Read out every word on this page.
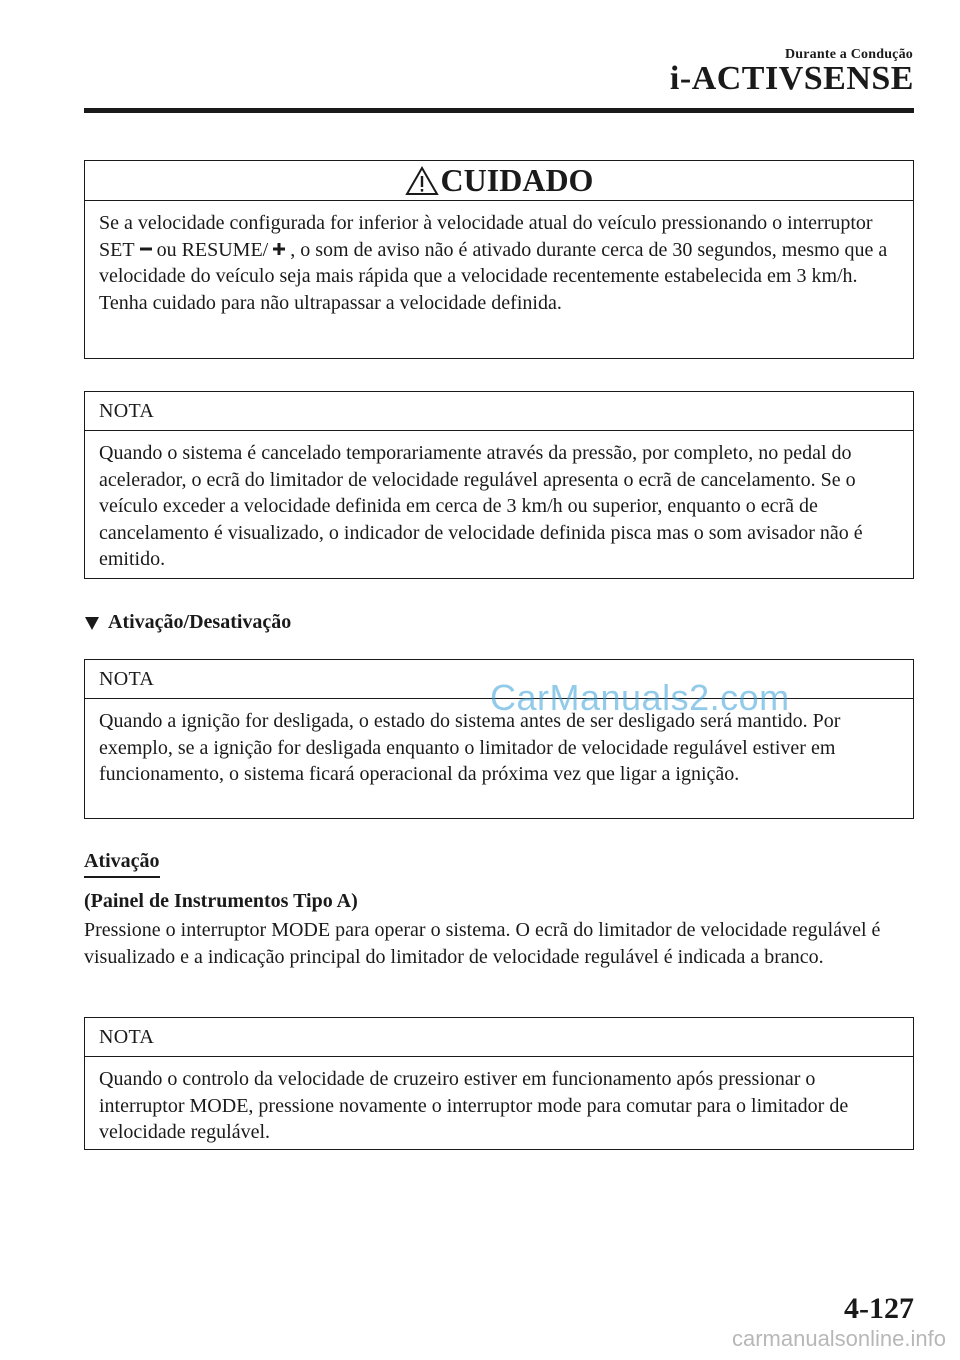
Durante a Condução
i-ACTIVSENSE
CUIDADO
Se a velocidade configurada for inferior à velocidade atual do veículo pressionando o interruptor SET ou RESUME/ , o som de aviso não é ativado durante cerca de 30 segundos, mesmo que a velocidade do veículo seja mais rápida que a velocidade recentemente estabelecida em 3 km/h. Tenha cuidado para não ultrapassar a velocidade definida.
NOTA
Quando o sistema é cancelado temporariamente através da pressão, por completo, no pedal do acelerador, o ecrã do limitador de velocidade regulável apresenta o ecrã de cancelamento. Se o veículo exceder a velocidade definida em cerca de 3 km/h ou superior, enquanto o ecrã de cancelamento é visualizado, o indicador de velocidade definida pisca mas o som avisador não é emitido.
Ativação/Desativação
NOTA
Quando a ignição for desligada, o estado do sistema antes de ser desligado será mantido. Por exemplo, se a ignição for desligada enquanto o limitador de velocidade regulável estiver em funcionamento, o sistema ficará operacional da próxima vez que ligar a ignição.
CarManuals2.com
Ativação
(Painel de Instrumentos Tipo A)
Pressione o interruptor MODE para operar o sistema. O ecrã do limitador de velocidade regulável é visualizado e a indicação principal do limitador de velocidade regulável é indicada a branco.
NOTA
Quando o controlo da velocidade de cruzeiro estiver em funcionamento após pressionar o interruptor MODE, pressione novamente o interruptor mode para comutar para o limitador de velocidade regulável.
4-127
carmanualsonline.info
